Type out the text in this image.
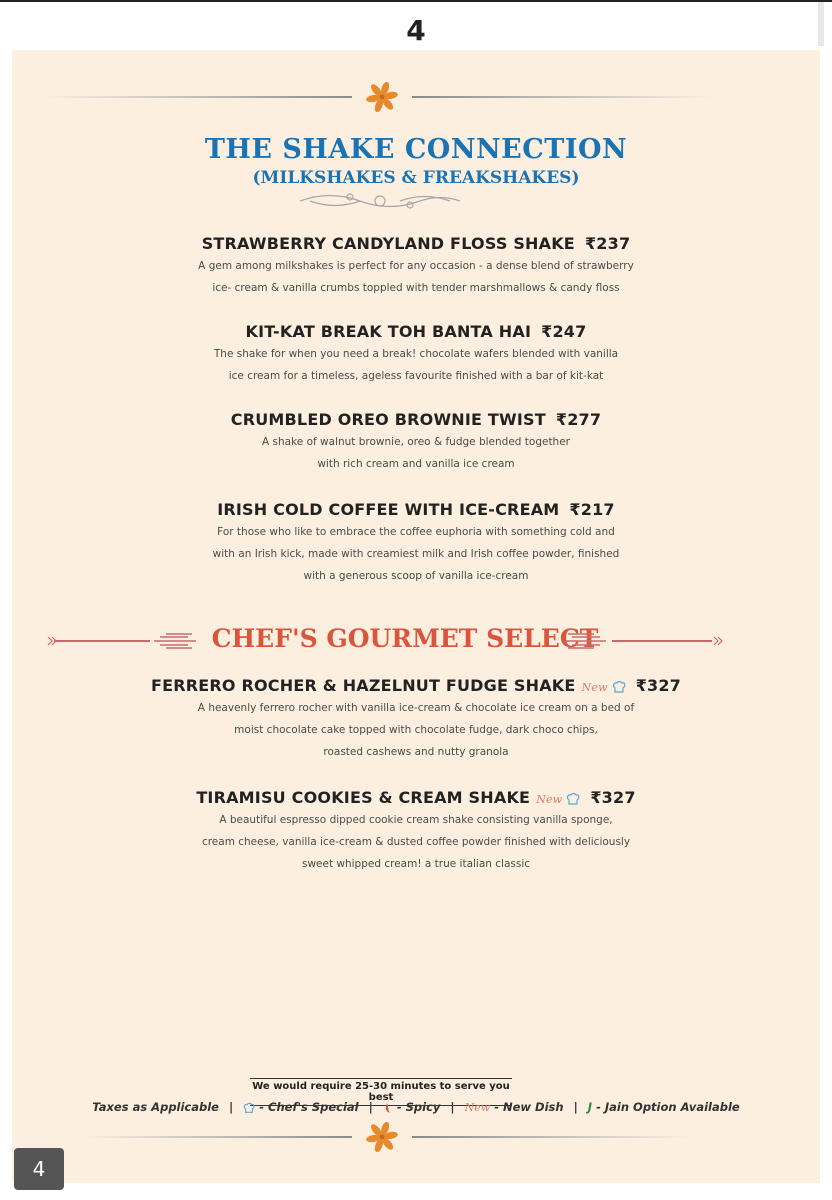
4
THE SHAKE CONNECTION
(MILKSHAKES & FREAKSHAKES)
STRAWBERRY CANDYLAND FLOSS SHAKE ₹237
A gem among milkshakes is perfect for any occasion - a dense blend of strawberry
ice- cream & vanilla crumbs toppled with tender marshmallows & candy floss
KIT-KAT BREAK TOH BANTA HAI ₹247
The shake for when you need a break! chocolate wafers blended with vanilla
ice cream for a timeless, ageless favourite finished with a bar of kit-kat
CRUMBLED OREO BROWNIE TWIST ₹277
A shake of walnut brownie, oreo & fudge blended together
with rich cream and vanilla ice cream
IRISH COLD COFFEE WITH ICE-CREAM ₹217
For those who like to embrace the coffee euphoria with something cold and
with an Irish kick, made with creamiest milk and Irish coffee powder, finished
with a generous scoop of vanilla ice-cream
CHEF'S GOURMET SELECT
FERRERO ROCHER & HAZELNUT FUDGE SHAKE New ₹327
A heavenly ferrero rocher with vanilla ice-cream & chocolate ice cream on a bed of
moist chocolate cake topped with chocolate fudge, dark choco chips,
roasted cashews and nutty granola
TIRAMISU COOKIES & CREAM SHAKE New ₹327
A beautiful espresso dipped cookie cream shake consisting vanilla sponge,
cream cheese, vanilla ice-cream & dusted coffee powder finished with deliciously
sweet whipped cream! a true italian classic
We would require 25-30 minutes to serve you best
Taxes as Applicable | - Chef's Special | - Spicy | New - New Dish | J - Jain Option Available
4
